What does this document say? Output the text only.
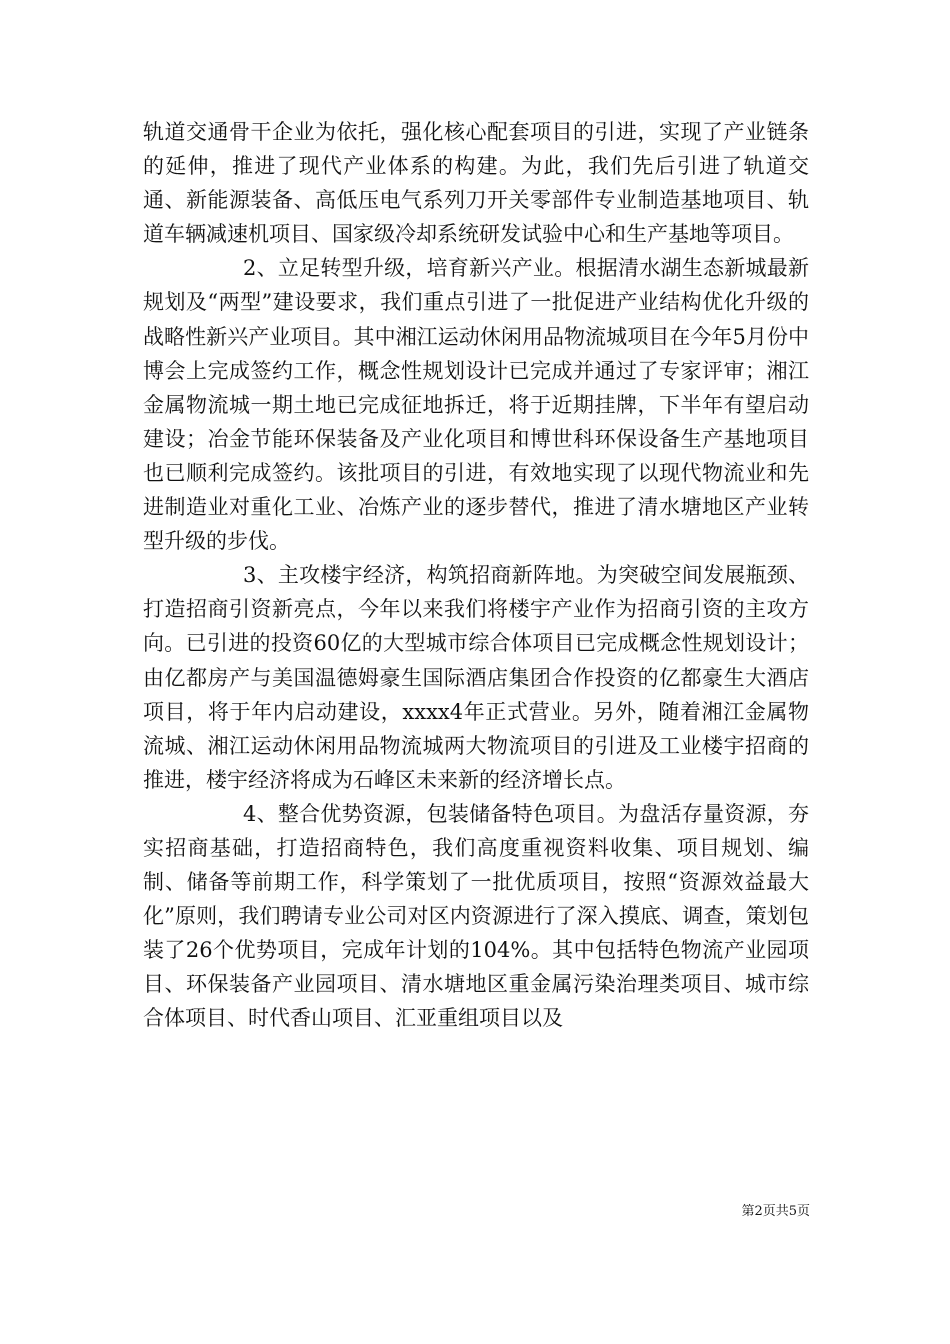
轨道交通骨干企业为依托，强化核心配套项目的引进，实现了产业链条的延伸，推进了现代产业体系的构建。为此，我们先后引进了轨道交通、新能源装备、高低压电气系列刀开关零部件专业制造基地项目、轨道车辆减速机项目、国家级冷却系统研发试验中心和生产基地等项目。

2、立足转型升级，培育新兴产业。根据清水湖生态新城最新规划及“两型”建设要求，我们重点引进了一批促进产业结构优化升级的战略性新兴产业项目。其中湘江运动休闲用品物流城项目在今年5月份中博会上完成签约工作，概念性规划设计已完成并通过了专家评审；湘江金属物流城一期土地已完成征地拆迁，将于近期挂牌，下半年有望启动建设；冶金节能环保装备及产业化项目和博世科环保设备生产基地项目也已顺利完成签约。该批项目的引进，有效地实现了以现代物流业和先进制造业对重化工业、冶炼产业的逐步替代，推进了清水塘地区产业转型升级的步伐。

3、主攻楼宇经济，构筑招商新阵地。为突破空间发展瓶颈、打造招商引资新亮点，今年以来我们将楼宇产业作为招商引资的主攻方向。已引进的投资60亿的大型城市综合体项目已完成概念性规划设计；由亿都房产与美国温德姆豪生国际酒店集团合作投资的亿都豪生大酒店项目，将于年内启动建设，xxxx4年正式营业。另外，随着湘江金属物流城、湘江运动休闲用品物流城两大物流项目的引进及工业楼宇招商的推进，楼宇经济将成为石峰区未来新的经济增长点。

4、整合优势资源，包装储备特色项目。为盘活存量资源，夯实招商基础，打造招商特色，我们高度重视资料收集、项目规划、编制、储备等前期工作，科学策划了一批优质项目，按照“资源效益最大化”原则，我们聘请专业公司对区内资源进行了深入摸底、调查，策划包装了26个优势项目，完成年计划的104%。其中包括特色物流产业园项目、环保装备产业园项目、清水塘地区重金属污染治理类项目、城市综合体项目、时代香山项目、汇亚重组项目以及

第2页共5页
